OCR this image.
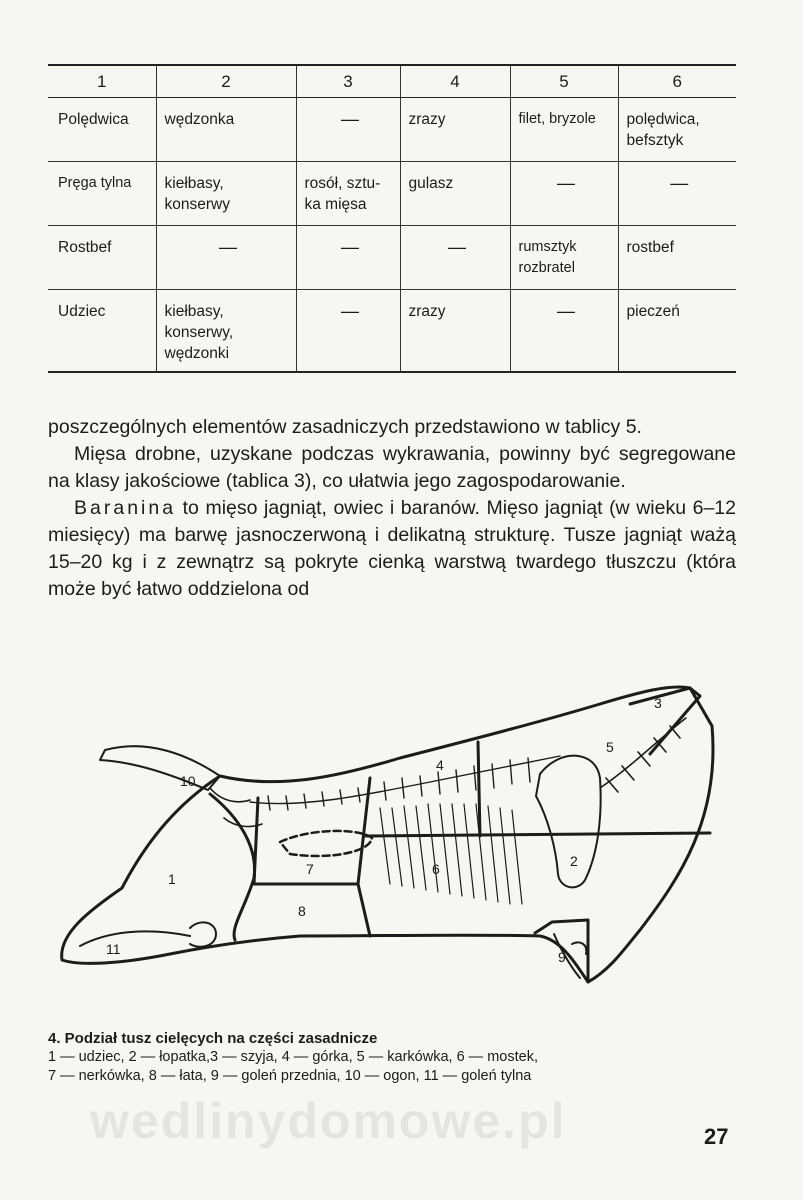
1	2	3	4	5	6
Polędwica	wędzonka	—	zrazy	filet, bryzole	polędwica,
befsztyk
Pręga tylna	kiełbasy,
konserwy	rosół, sztu-
ka mięsa	gulasz	—	—
Rostbef	—	—	—	rumsztyk
rozbratel	rostbef
Udziec	kiełbasy,
konserwy,
wędzonki	—	zrazy	—	pieczeń

poszczególnych elementów zasadniczych przedstawiono w tablicy 5.

Mięsa drobne, uzyskane podczas wykrawania, powinny być segregowane na klasy jakościowe (tablica 3), co ułatwia jego zagospodarowanie.

Baranina to mięso jagniąt, owiec i baranów. Mięso jagniąt (w wieku 6–12 miesięcy) ma barwę jasnoczerwoną i delikatną strukturę. Tusze jagniąt ważą 15–20 kg i z zewnątrz są pokryte cienką warstwą twardego tłuszczu (która może być łatwo oddzielona od

1
2
3
4
5
6
7
8
9
10
11
4. Podział tusz cielęcych na części zasadnicze
1 — udziec, 2 — łopatka,3 — szyja, 4 — górka, 5 — karkówka, 6 — mostek,
7 — nerkówka, 8 — łata, 9 — goleń przednia, 10 — ogon, 11 — goleń tylna
wedlinydomowe.pl	27
